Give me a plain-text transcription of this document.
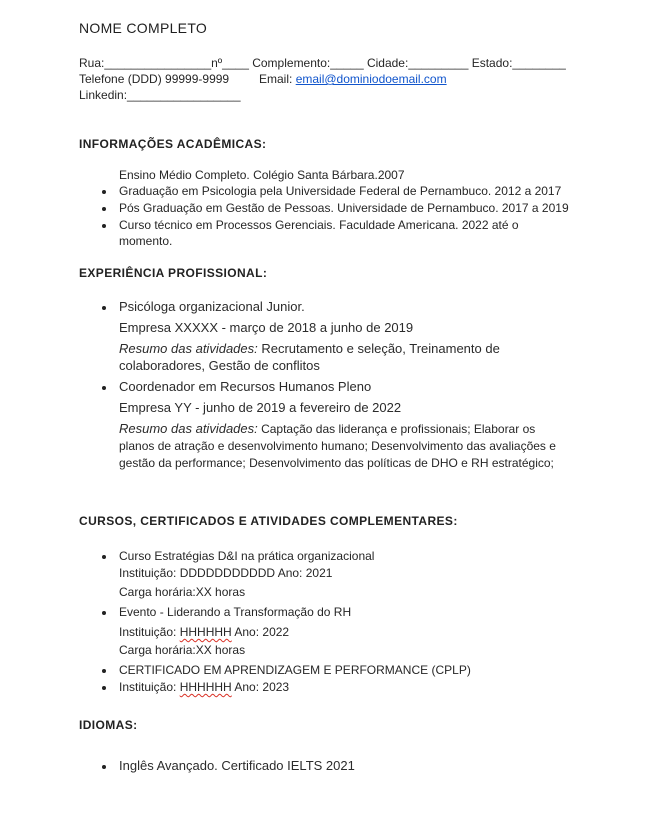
NOME COMPLETO
Rua:________________nº____ Complemento:_____ Cidade:_________ Estado:________
Telefone (DDD) 99999-9999 Email: email@dominiodoemail.com
Linkedin:_________________
INFORMAÇÕES ACADÊMICAS:
Ensino Médio Completo. Colégio Santa Bárbara.2007
Graduação em Psicologia pela Universidade Federal de Pernambuco. 2012 a 2017
Pós Graduação em Gestão de Pessoas. Universidade de Pernambuco. 2017 a 2019
Curso técnico em Processos Gerenciais. Faculdade Americana. 2022 até o
momento.
EXPERIÊNCIA PROFISSIONAL:
Psicóloga organizacional Junior.
Empresa XXXXX - março de 2018 a junho de 2019
Resumo das atividades: Recrutamento e seleção, Treinamento de
colaboradores, Gestão de conflitos
Coordenador em Recursos Humanos Pleno
Empresa YY - junho de 2019 a fevereiro de 2022
Resumo das atividades: Captação das liderança e profissionais; Elaborar os
planos de atração e desenvolvimento humano; Desenvolvimento das avaliações e
gestão da performance; Desenvolvimento das políticas de DHO e RH estratégico;
CURSOS, CERTIFICADOS E ATIVIDADES COMPLEMENTARES:
Curso Estratégias D&I na prática organizacional
Instituição: DDDDDDDDDDD Ano: 2021
Carga horária:XX horas
Evento - Liderando a Transformação do RH
Instituição: HHHHHH Ano: 2022
Carga horária:XX horas
CERTIFICADO EM APRENDIZAGEM E PERFORMANCE (CPLP)
Instituição: HHHHHH Ano: 2023
IDIOMAS:
Inglês Avançado. Certificado IELTS 2021
